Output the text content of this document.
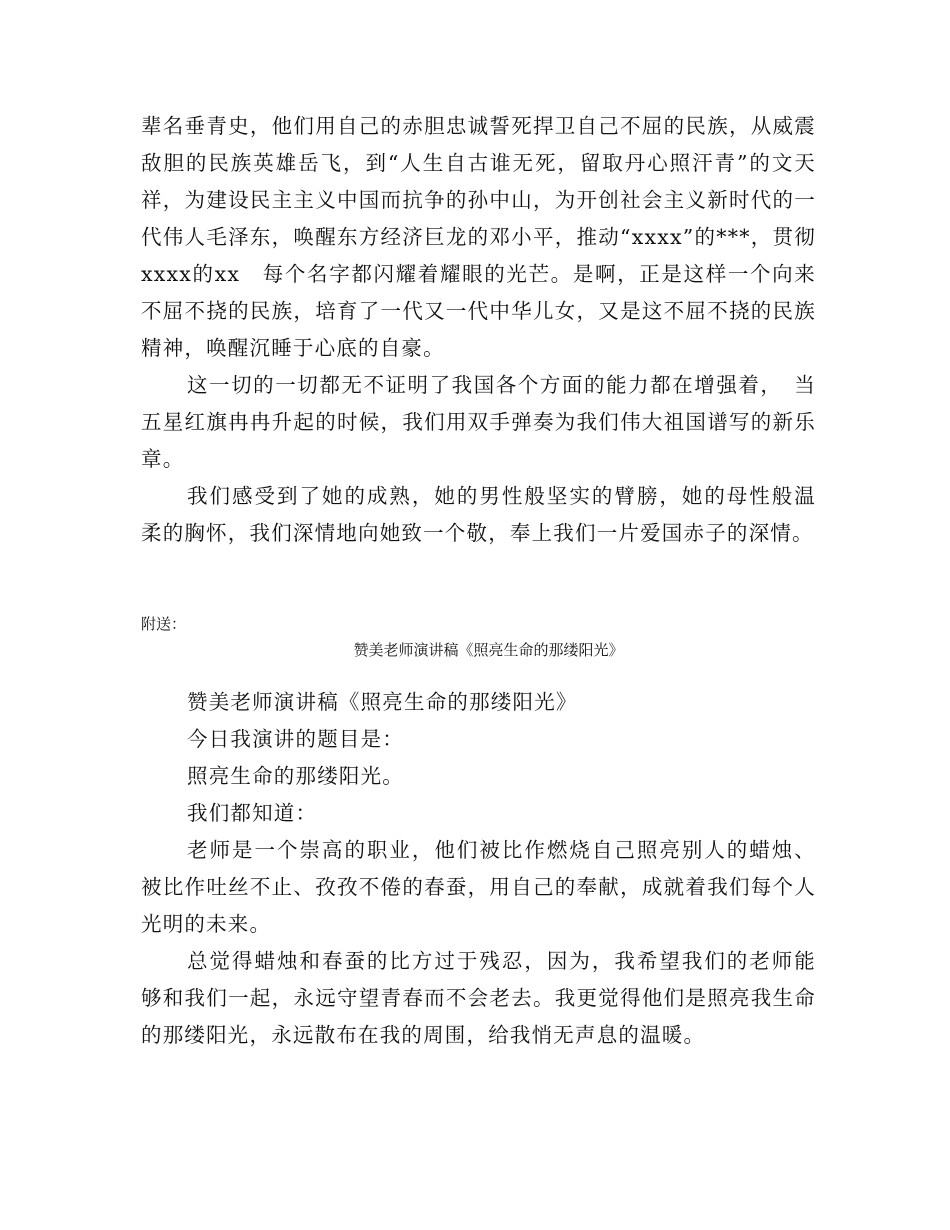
辈名垂青史，他们用自己的赤胆忠诚誓死捍卫自己不屈的民族，从威震敌胆的民族英雄岳飞，到“人生自古谁无死，留取丹心照汗青”的文天祥，为建设民主主义中国而抗争的孙中山，为开创社会主义新时代的一代伟人毛泽东，唤醒东方经济巨龙的邓小平，推动“xxxx”的***，贯彻xxxx的xx　每个名字都闪耀着耀眼的光芒。是啊，正是这样一个向来不屈不挠的民族，培育了一代又一代中华儿女，又是这不屈不挠的民族精神，唤醒沉睡于心底的自豪。

这一切的一切都无不证明了我国各个方面的能力都在增强着，　当五星红旗冉冉升起的时候，我们用双手弹奏为我们伟大祖国谱写的新乐章。

我们感受到了她的成熟，她的男性般坚实的臂膀，她的母性般温柔的胸怀，我们深情地向她致一个敬，奉上我们一片爱国赤子的深情。

附送：

赞美老师演讲稿《照亮生命的那缕阳光》

赞美老师演讲稿《照亮生命的那缕阳光》

今日我演讲的题目是：

照亮生命的那缕阳光。

我们都知道：

老师是一个崇高的职业，他们被比作燃烧自己照亮别人的蜡烛、被比作吐丝不止、孜孜不倦的春蚕，用自己的奉献，成就着我们每个人光明的未来。

总觉得蜡烛和春蚕的比方过于残忍，因为，我希望我们的老师能够和我们一起，永远守望青春而不会老去。我更觉得他们是照亮我生命的那缕阳光，永远散布在我的周围，给我悄无声息的温暖。
